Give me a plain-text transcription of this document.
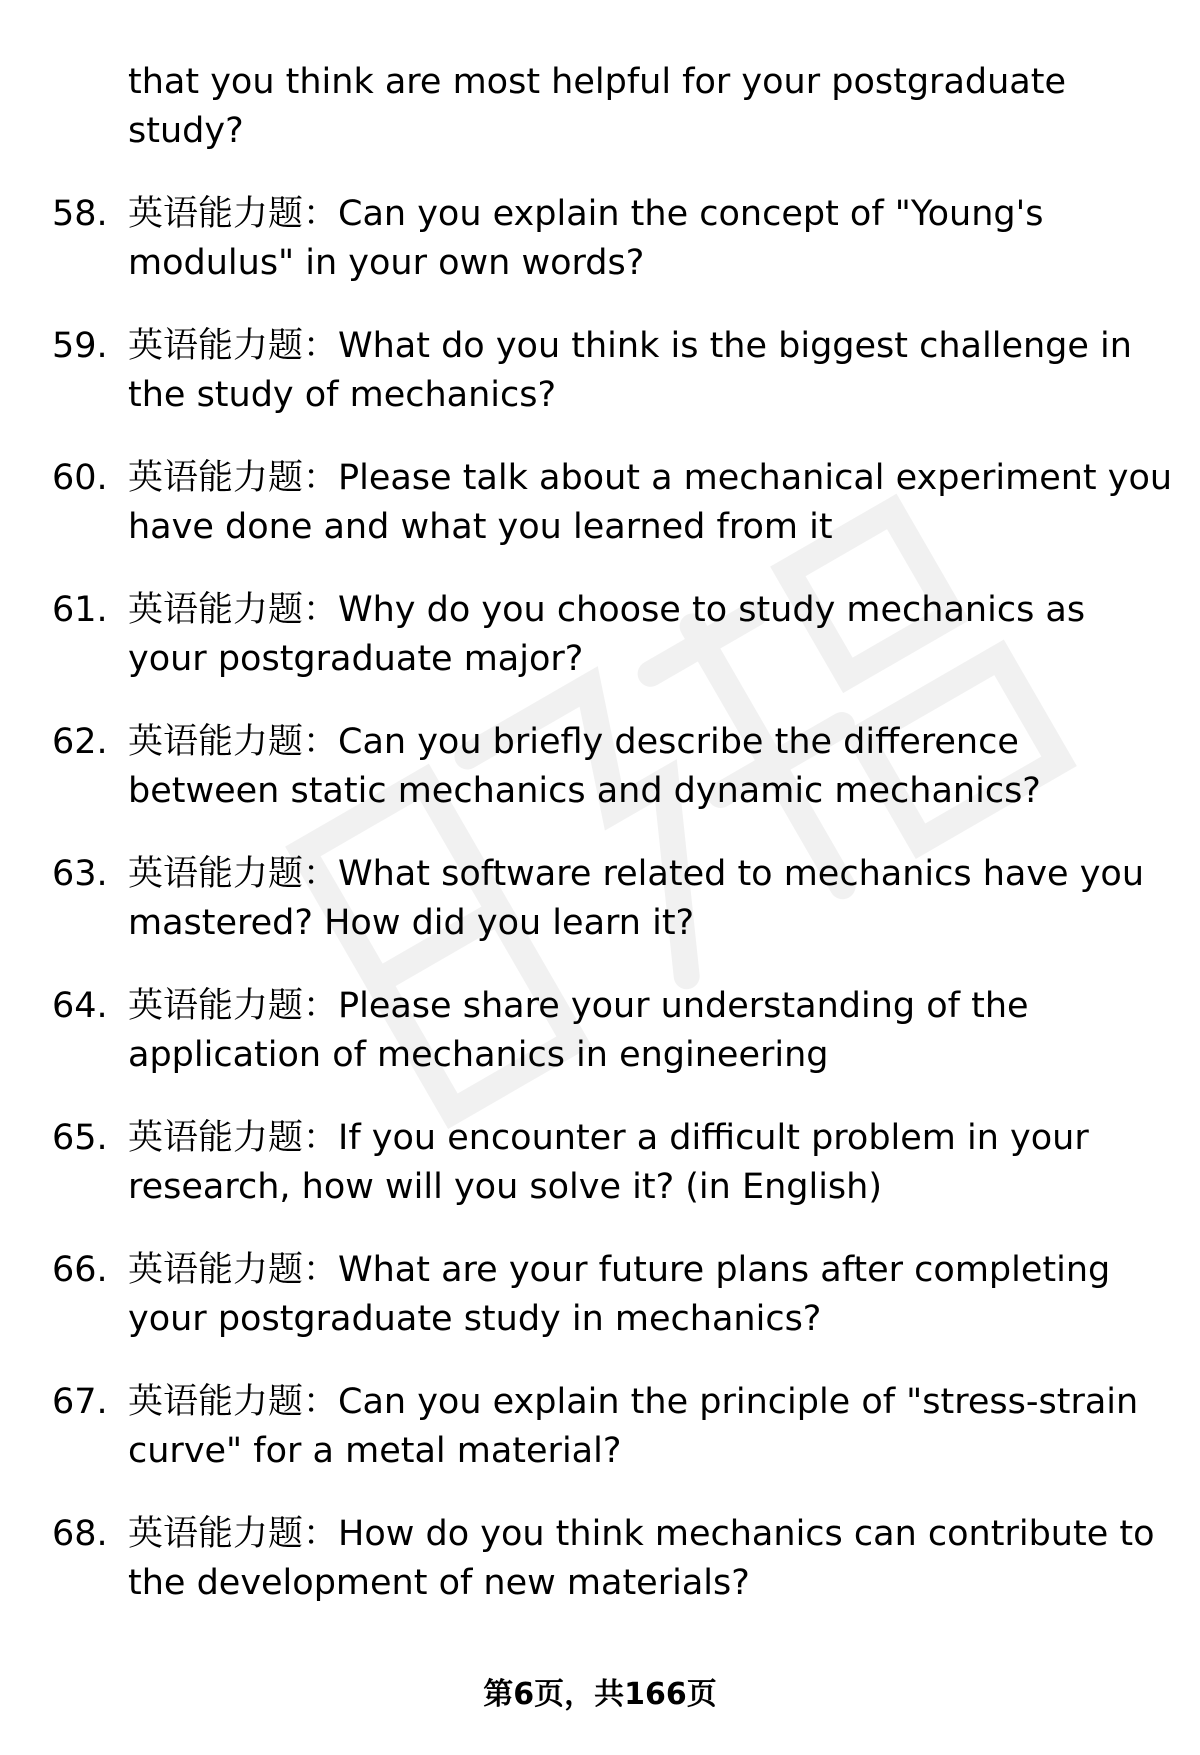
that you think are most helpful for your postgraduate
study?
58. 英语能力题：Can you explain the concept of "Young's
modulus" in your own words?
59. 英语能力题：What do you think is the biggest challenge in
the study of mechanics?
60. 英语能力题：Please talk about a mechanical experiment you
have done and what you learned from it
61. 英语能力题：Why do you choose to study mechanics as
your postgraduate major?
62. 英语能力题：Can you briefly describe the difference
between static mechanics and dynamic mechanics?
63. 英语能力题：What software related to mechanics have you
mastered? How did you learn it?
64. 英语能力题：Please share your understanding of the
application of mechanics in engineering
65. 英语能力题：If you encounter a difficult problem in your
research, how will you solve it? (in English)
66. 英语能力题：What are your future plans after completing
your postgraduate study in mechanics?
67. 英语能力题：Can you explain the principle of "stress-strain
curve" for a metal material?
68. 英语能力题：How do you think mechanics can contribute to
the development of new materials?
第6页，共166页
